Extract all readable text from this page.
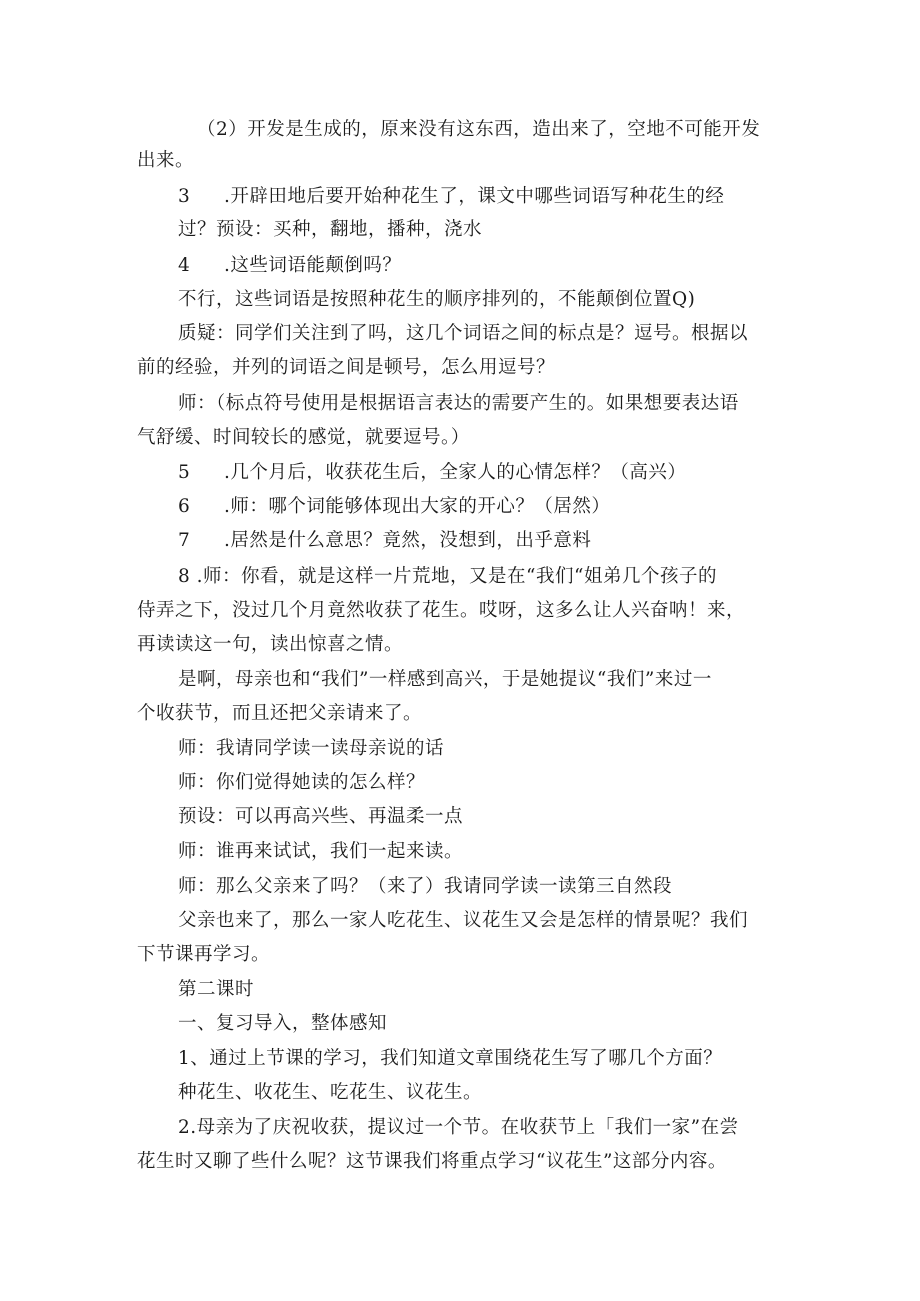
（2）开发是生成的，原来没有这东西，造出来了，空地不可能开发
出来。
3 .开辟田地后要开始种花生了，课文中哪些词语写种花生的经
过？预设：买种，翻地，播种，浇水
4 .这些词语能颠倒吗？
不行，这些词语是按照种花生的顺序排列的，不能颠倒位置Q)
质疑：同学们关注到了吗，这几个词语之间的标点是？逗号。根据以
前的经验，并列的词语之间是顿号，怎么用逗号？
师：（标点符号使用是根据语言表达的需要产生的。如果想要表达语
气舒缓、时间较长的感觉，就要逗号。）
5 .几个月后，收获花生后，全家人的心情怎样？（高兴）
6 .师：哪个词能够体现出大家的开心？（居然）
7 .居然是什么意思？竟然，没想到，出乎意料
8 .师：你看，就是这样一片荒地，又是在“我们“姐弟几个孩子的
侍弄之下，没过几个月竟然收获了花生。哎呀，这多么让人兴奋呐！来，
再读读这一句，读出惊喜之情。
是啊，母亲也和“我们”一样感到高兴，于是她提议“我们”来过一
个收获节，而且还把父亲请来了。
师：我请同学读一读母亲说的话
师：你们觉得她读的怎么样？
预设：可以再高兴些、再温柔一点
师：谁再来试试，我们一起来读。
师：那么父亲来了吗？（来了）我请同学读一读第三自然段
父亲也来了，那么一家人吃花生、议花生又会是怎样的情景呢？我们
下节课再学习。
第二课时
一、复习导入，整体感知
1、通过上节课的学习，我们知道文章围绕花生写了哪几个方面？
种花生、收花生、吃花生、议花生。
2.母亲为了庆祝收获，提议过一个节。在收获节上「我们一家”在尝
花生时又聊了些什么呢？这节课我们将重点学习“议花生”这部分内容。
